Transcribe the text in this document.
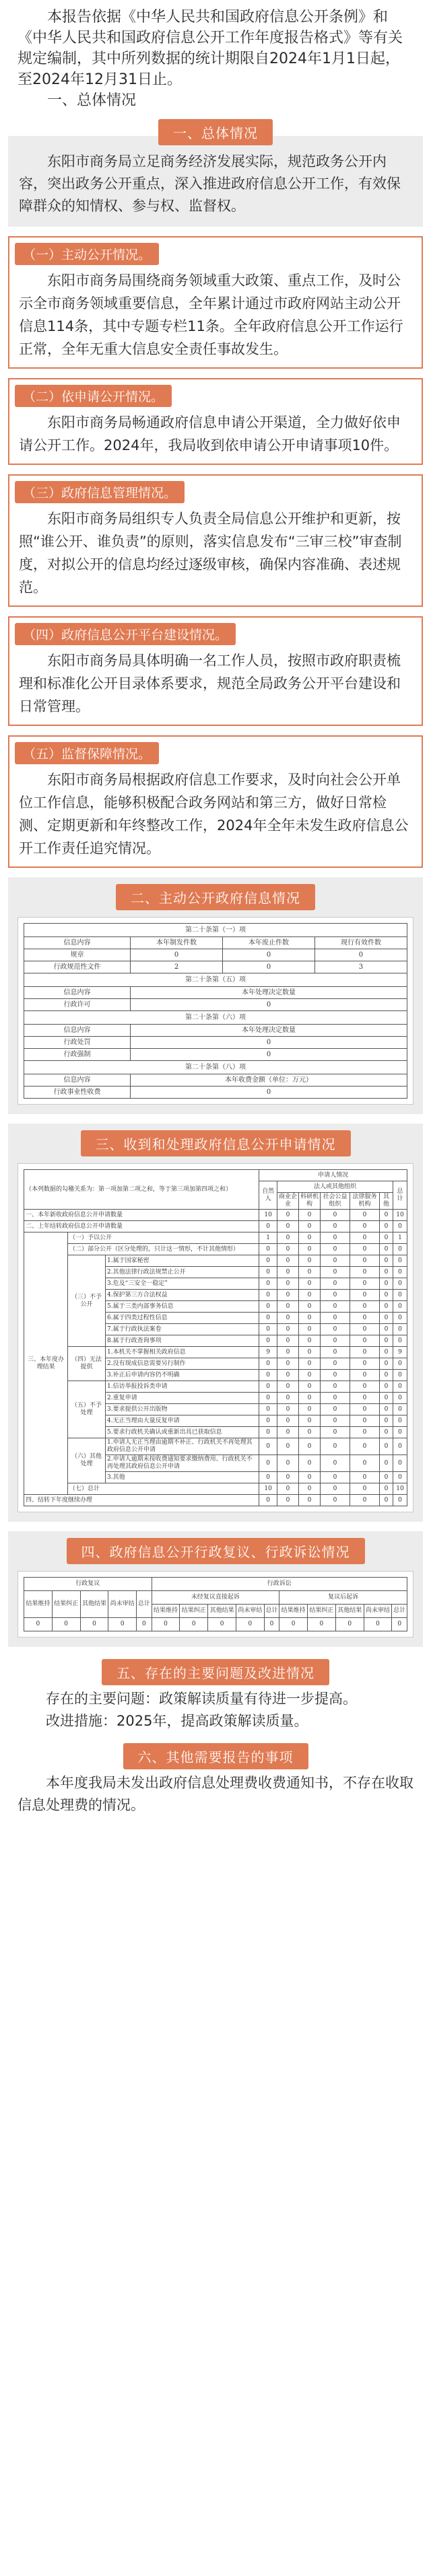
本报告依据《中华人民共和国政府信息公开条例》和《中华人民共和国政府信息公开工作年度报告格式》等有关规定编制，其中所列数据的统计期限自2024年1月1日起，至2024年12月31日止。

一、总体情况

一、总体情况

东阳市商务局立足商务经济发展实际，规范政务公开内容，突出政务公开重点，深入推进政府信息公开工作，有效保障群众的知情权、参与权、监督权。

（一）主动公开情况。

东阳市商务局围绕商务领域重大政策、重点工作，及时公示全市商务领域重要信息，全年累计通过市政府网站主动公开信息114条，其中专题专栏11条。全年政府信息公开工作运行正常，全年无重大信息安全责任事故发生。

（二）依申请公开情况。

东阳市商务局畅通政府信息申请公开渠道，全力做好依申请公开工作。2024年，我局收到依申请公开申请事项10件。

（三）政府信息管理情况。

东阳市商务局组织专人负责全局信息公开维护和更新，按照“谁公开、谁负责”的原则，落实信息发布“三审三校”审查制度，对拟公开的信息均经过逐级审核，确保内容准确、表述规范。

（四）政府信息公开平台建设情况。

东阳市商务局具体明确一名工作人员，按照市政府职责梳理和标准化公开目录体系要求，规范全局政务公开平台建设和日常管理。

（五）监督保障情况。

东阳市商务局根据政府信息工作要求，及时向社会公开单位工作信息，能够积极配合政务网站和第三方，做好日常检测、定期更新和年终整改工作，2024年全年未发生政府信息公开工作责任追究情况。

二、主动公开政府信息情况
第二十条第（一）项			
信息内容	本年制发件数	本年废止件数	现行有效件数
规章	0	0	0
行政规范性文件	2	0	3
第二十条第（五）项			
信息内容	本年处理决定数量		
行政许可	0		
第二十条第（六）项			
信息内容	本年处理决定数量		
行政处罚	0		
行政强制	0		
第二十条第（八）项			
信息内容	本年收费金额（单位：万元）		
行政事业性收费	0		
三、收到和处理政府信息公开申请情况
（本列数据的勾稽关系为：第一项加第二项之和，等于第三项加第四项之和）			申请人情况						
			自然人	法人或其他组织					总计
				商业企业	科研机构	社会公益组织	法律服务机构	其他	
一、本年新收政府信息公开申请数量			10	0	0	0	0	0	10
二、上年结转政府信息公开申请数量			0	0	0	0	0	0	0
三、本年度办理结果	（一）予以公开		1	0	0	0	0	0	1
	（二）部分公开（区分处理的，只计这一情形，不计其他情形）		0	0	0	0	0	0	0
	（三）不予公开	1.属于国家秘密	0	0	0	0	0	0	0
		2.其他法律行政法规禁止公开	0	0	0	0	0	0	0
		3.危及“三安全一稳定”	0	0	0	0	0	0	0
		4.保护第三方合法权益	0	0	0	0	0	0	0
		5.属于三类内部事务信息	0	0	0	0	0	0	0
		6.属于四类过程性信息	0	0	0	0	0	0	0
		7.属于行政执法案卷	0	0	0	0	0	0	0
		8.属于行政查询事项	0	0	0	0	0	0	0
	（四）无法提供	1.本机关不掌握相关政府信息	9	0	0	0	0	0	9
		2.没有现成信息需要另行制作	0	0	0	0	0	0	0
		3.补正后申请内容仍不明确	0	0	0	0	0	0	0
	（五）不予处理	1.信访举报投诉类申请	0	0	0	0	0	0	0
		2.重复申请	0	0	0	0	0	0	0
		3.要求提供公开出版物	0	0	0	0	0	0	0
		4.无正当理由大量反复申请	0	0	0	0	0	0	0
		5.要求行政机关确认或重新出具已获取信息	0	0	0	0	0	0	0
	（六）其他处理	1.申请人无正当理由逾期不补正、行政机关不再处理其政府信息公开申请	0	0	0	0	0	0	0
		2.申请人逾期未按收费通知要求缴纳费用、行政机关不再处理其政府信息公开申请	0	0	0	0	0	0	0
		3.其他	0	0	0	0	0	0	0
	（七）总计		10	0	0	0	0	0	10
四、结转下年度继续办理			0	0	0	0	0	0	0
四、政府信息公开行政复议、行政诉讼情况
行政复议					行政诉讼									
结果维持	结果纠正	其他结果	尚未审结	总计	未经复议直接起诉					复议后起诉				
					结果维持	结果纠正	其他结果	尚未审结	总计	结果维持	结果纠正	其他结果	尚未审结	总计
0	0	0	0	0	0	0	0	0	0	0	0	0	0	0
五、存在的主要问题及改进情况

存在的主要问题：政策解读质量有待进一步提高。

改进措施：2025年，提高政策解读质量。

六、其他需要报告的事项

本年度我局未发出政府信息处理费收费通知书，不存在收取信息处理费的情况。
